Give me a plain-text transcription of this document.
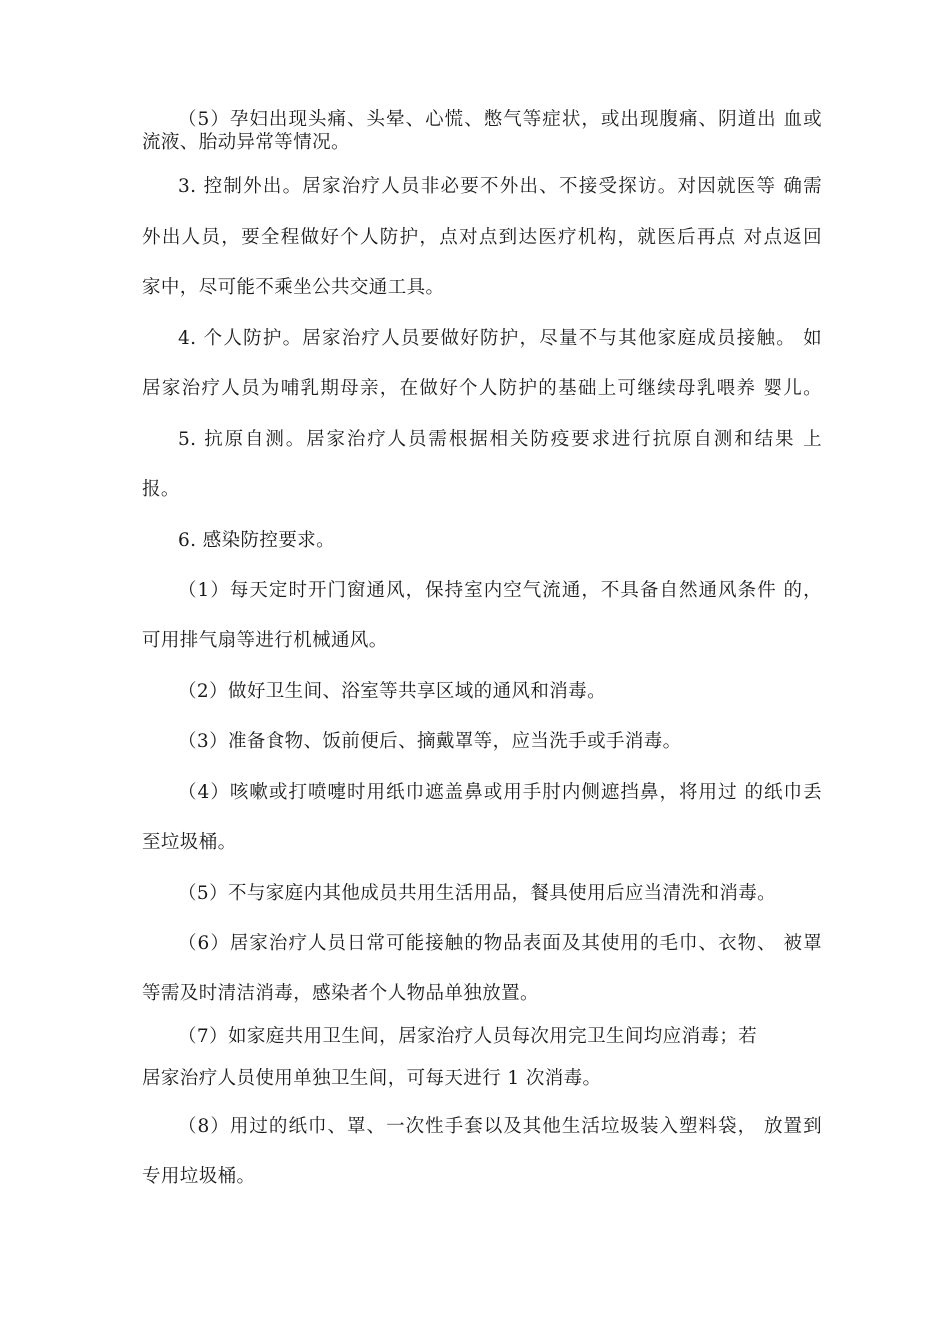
（5）孕妇出现头痛、头晕、心慌、憋气等症状，或出现腹痛、阴道出 血或
流液、胎动异常等情况。
3. 控制外出。居家治疗人员非必要不外出、不接受探访。对因就医等 确需
外出人员，要全程做好个人防护，点对点到达医疗机构，就医后再点 对点返回
家中，尽可能不乘坐公共交通工具。
4. 个人防护。居家治疗人员要做好防护，尽量不与其他家庭成员接触。 如
居家治疗人员为哺乳期母亲，在做好个人防护的基础上可继续母乳喂养 婴儿。
5. 抗原自测。居家治疗人员需根据相关防疫要求进行抗原自测和结果 上
报。
6. 感染防控要求。
（1）每天定时开门窗通风，保持室内空气流通，不具备自然通风条件 的，
可用排气扇等进行机械通风。
（2）做好卫生间、浴室等共享区域的通风和消毒。
（3）准备食物、饭前便后、摘戴罩等，应当洗手或手消毒。
（4）咳嗽或打喷嚏时用纸巾遮盖鼻或用手肘内侧遮挡鼻，将用过 的纸巾丢
至垃圾桶。
（5）不与家庭内其他成员共用生活用品，餐具使用后应当清洗和消毒。
（6）居家治疗人员日常可能接触的物品表面及其使用的毛巾、衣物、 被罩
等需及时清洁消毒，感染者个人物品单独放置。
（7）如家庭共用卫生间，居家治疗人员每次用完卫生间均应消毒；若
居家治疗人员使用单独卫生间，可每天进行 1 次消毒。
（8）用过的纸巾、罩、一次性手套以及其他生活垃圾装入塑料袋， 放置到
专用垃圾桶。
